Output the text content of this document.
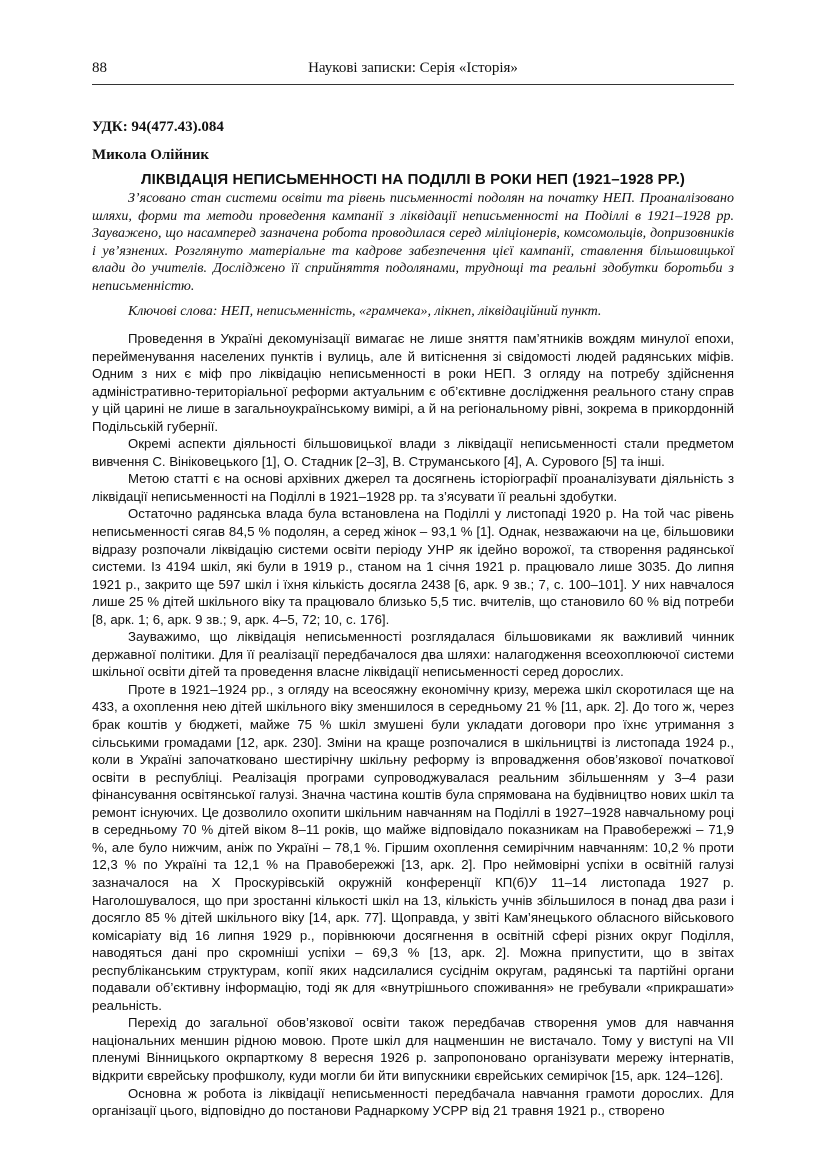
88	Наукові записки: Серія «Історія»
УДК: 94(477.43).084
Микола Олійник
ЛІКВІДАЦІЯ НЕПИСЬМЕННОСТІ НА ПОДІЛЛІ В РОКИ НЕП (1921–1928 РР.)

З’ясовано стан системи освіти та рівень письменності подолян на початку НЕП. Проаналізовано шляхи, форми та методи проведення кампанії з ліквідації неписьменності на Поділлі в 1921–1928 рр. Зауважено, що насамперед зазначена робота проводилася серед міліціонерів, комсомольців, допризовників і ув’язнених. Розглянуто матеріальне та кадрове забезпечення цієї кампанії, ставлення більшовицької влади до учителів. Досліджено її сприйняття подолянами, труднощі та реальні здобутки боротьби з неписьменністю.

Ключові слова: НЕП, неписьменність, «грамчека», лікнеп, ліквідаційний пункт.

Проведення в Україні декомунізації вимагає не лише зняття пам’ятників вождям минулої епохи, перейменування населених пунктів і вулиць, але й витіснення зі свідомості людей радянських міфів. Одним з них є міф про ліквідацію неписьменності в роки НЕП. З огляду на потребу здійснення адміністративно-територіальної реформи актуальним є об’єктивне дослідження реального стану справ у цій царині не лише в загальноукраїнському вимірі, а й на регіональному рівні, зокрема в прикордонній Подільській губернії.

Окремі аспекти діяльності більшовицької влади з ліквідації неписьменності стали предметом вивчення С. Вініковецького [1], О. Стадник [2–3], В. Струманського [4], А. Сурового [5] та інші.

Метою статті є на основі архівних джерел та досягнень історіографії проаналізувати діяльність з ліквідації неписьменності на Поділлі в 1921–1928 рр. та з’ясувати її реальні здобутки.

Остаточно радянська влада була встановлена на Поділлі у листопаді 1920 р. На той час рівень неписьменності сягав 84,5 % подолян, а серед жінок – 93,1 % [1]. Однак, незважаючи на це, більшовики відразу розпочали ліквідацію системи освіти періоду УНР як ідейно ворожої, та створення радянської системи. Із 4194 шкіл, які були в 1919 р., станом на 1 січня 1921 р. працювало лише 3035. До липня 1921 р., закрито ще 597 шкіл і їхня кількість досягла 2438 [6, арк. 9 зв.; 7, с. 100–101]. У них навчалося лише 25 % дітей шкільного віку та працювало близько 5,5 тис. вчителів, що становило 60 % від потреби [8, арк. 1; 6, арк. 9 зв.; 9, арк. 4–5, 72; 10, с. 176].

Зауважимо, що ліквідація неписьменності розглядалася більшовиками як важливий чинник державної політики. Для її реалізації передбачалося два шляхи: налагодження всеохоплюючої системи шкільної освіти дітей та проведення власне ліквідації неписьменності серед дорослих.

Проте в 1921–1924 рр., з огляду на всеосяжну економічну кризу, мережа шкіл скоротилася ще на 433, а охоплення нею дітей шкільного віку зменшилося в середньому 21 % [11, арк. 2]. До того ж, через брак коштів у бюджеті, майже 75 % шкіл змушені були укладати договори про їхнє утримання з сільськими громадами [12, арк. 230]. Зміни на краще розпочалися в шкільництві із листопада 1924 р., коли в Україні започатковано шестирічну шкільну реформу із впровадження обов’язкової початкової освіти в республіці. Реалізація програми супроводжувалася реальним збільшенням у 3–4 рази фінансування освітянської галузі. Значна частина коштів була спрямована на будівництво нових шкіл та ремонт існуючих. Це дозволило охопити шкільним навчанням на Поділлі в 1927–1928 навчальному році в середньому 70 % дітей віком 8–11 років, що майже відповідало показникам на Правобережжі – 71,9 %, але було нижчим, аніж по Україні – 78,1 %. Гіршим охоплення семирічним навчанням: 10,2 % проти 12,3 % по Україні та 12,1 % на Правобережжі [13, арк. 2]. Про неймовірні успіхи в освітній галузі зазначалося на Х Проскурівській окружній конференції КП(б)У 11–14 листопада 1927 р. Наголошувалося, що при зростанні кількості шкіл на 13, кількість учнів збільшилося в понад два рази і досягло 85 % дітей шкільного віку [14, арк. 77]. Щоправда, у звіті Кам’янецького обласного військового комісаріату від 16 липня 1929 р., порівнюючи досягнення в освітній сфері різних округ Поділля, наводяться дані про скромніші успіхи – 69,3 % [13, арк. 2]. Можна припустити, що в звітах республіканським структурам, копії яких надсилалися сусіднім округам, радянські та партійні органи подавали об’єктивну інформацію, тоді як для «внутрішнього споживання» не гребували «прикрашати» реальність.

Перехід до загальної обов’язкової освіти також передбачав створення умов для навчання національних меншин рідною мовою. Проте шкіл для нацменшин не вистачало. Тому у виступі на VII пленумі Вінницького окрпарткому 8 вересня 1926 р. запропоновано організувати мережу інтернатів, відкрити єврейську профшколу, куди могли би йти випускники єврейських семирічок [15, арк. 124–126].

Основна ж робота із ліквідації неписьменності передбачала навчання грамоти дорослих. Для організації цього, відповідно до постанови Раднаркому УСРР від 21 травня 1921 р., створено
